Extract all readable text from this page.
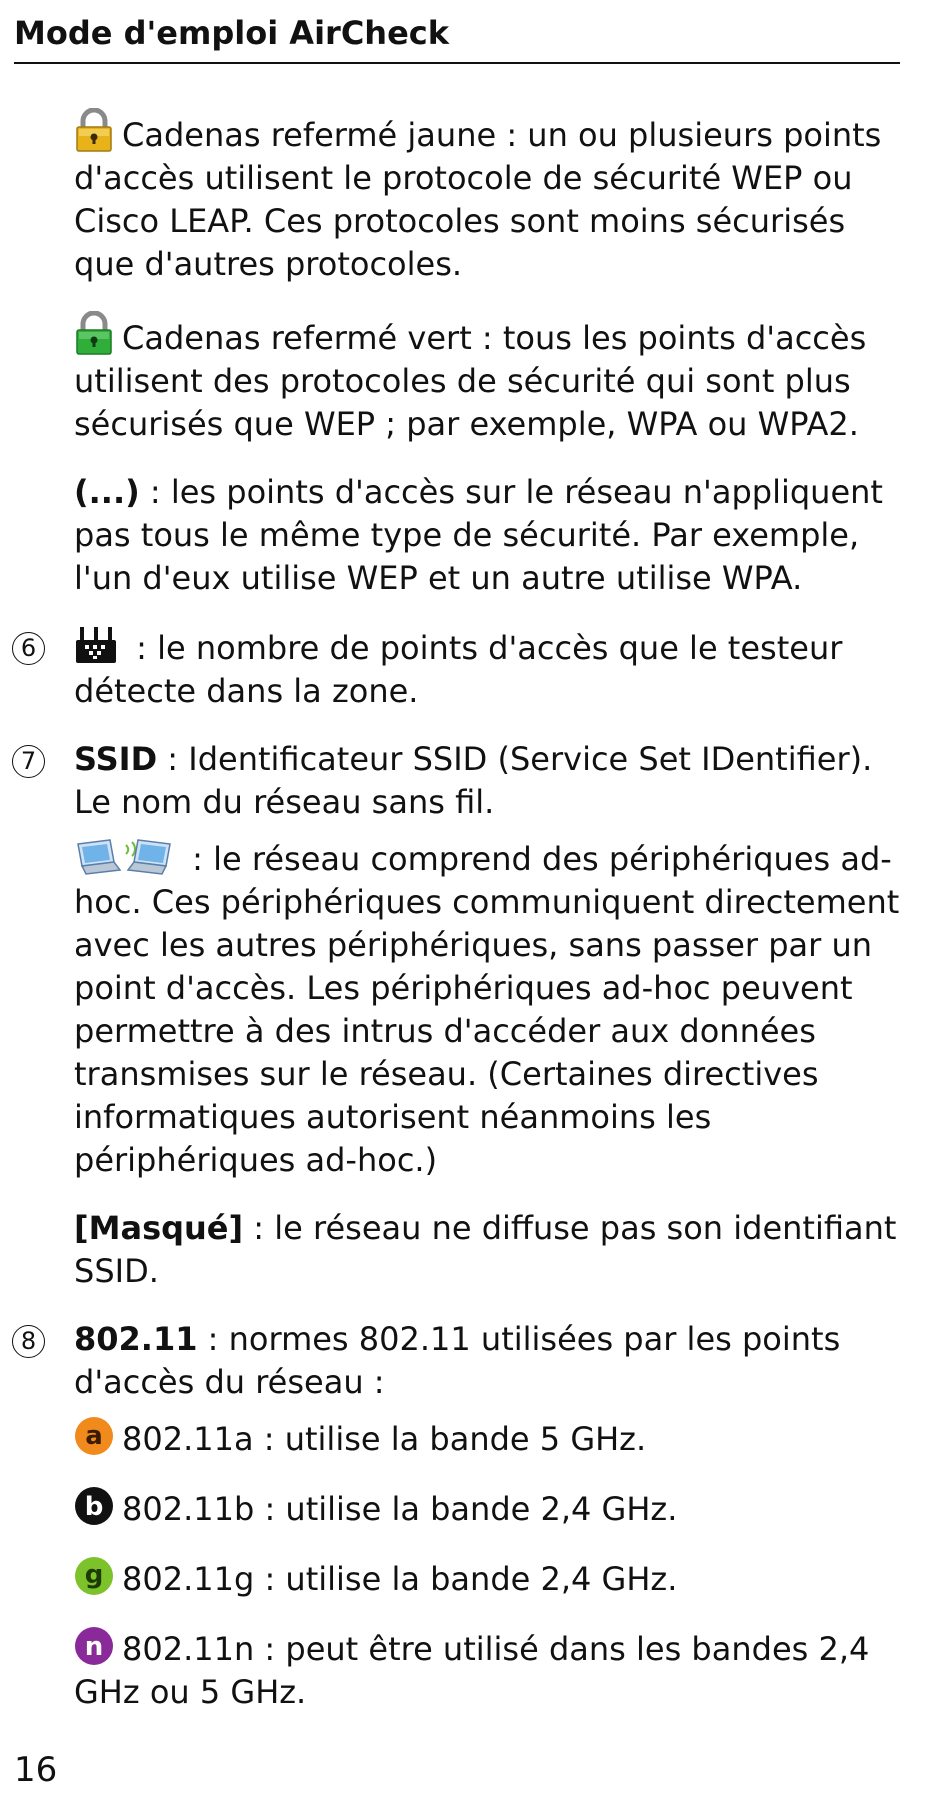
Mode d'emploi AirCheck

Cadenas refermé jaune : un ou plusieurs points d'accès utilisent le protocole de sécurité WEP ou Cisco LEAP. Ces protocoles sont moins sécurisés que d'autres protocoles.

Cadenas refermé vert : tous les points d'accès utilisent des protocoles de sécurité qui sont plus sécurisés que WEP ; par exemple, WPA ou WPA2.

(...) : les points d'accès sur le réseau n'appliquent pas tous le même type de sécurité. Par exemple, l'un d'eux utilise WEP et un autre utilise WPA.

6	: le nombre de points d'accès que le testeur détecte dans la zone.

7 SSID : Identificateur SSID (Service Set IDentifier). Le nom du réseau sans fil.

: le réseau comprend des périphériques ad-hoc. Ces périphériques communiquent directement avec les autres périphériques, sans passer par un point d'accès. Les périphériques ad-hoc peuvent permettre à des intrus d'accéder aux données transmises sur le réseau. (Certaines directives informatiques autorisent néanmoins les périphériques ad-hoc.)

[Masqué] : le réseau ne diffuse pas son identifiant SSID.

8 802.11 : normes 802.11 utilisées par les points d'accès du réseau :

a 802.11a : utilise la bande 5 GHz.

b 802.11b : utilise la bande 2,4 GHz.

g 802.11g : utilise la bande 2,4 GHz.

n 802.11n : peut être utilisé dans les bandes 2,4 GHz ou 5 GHz.

16
